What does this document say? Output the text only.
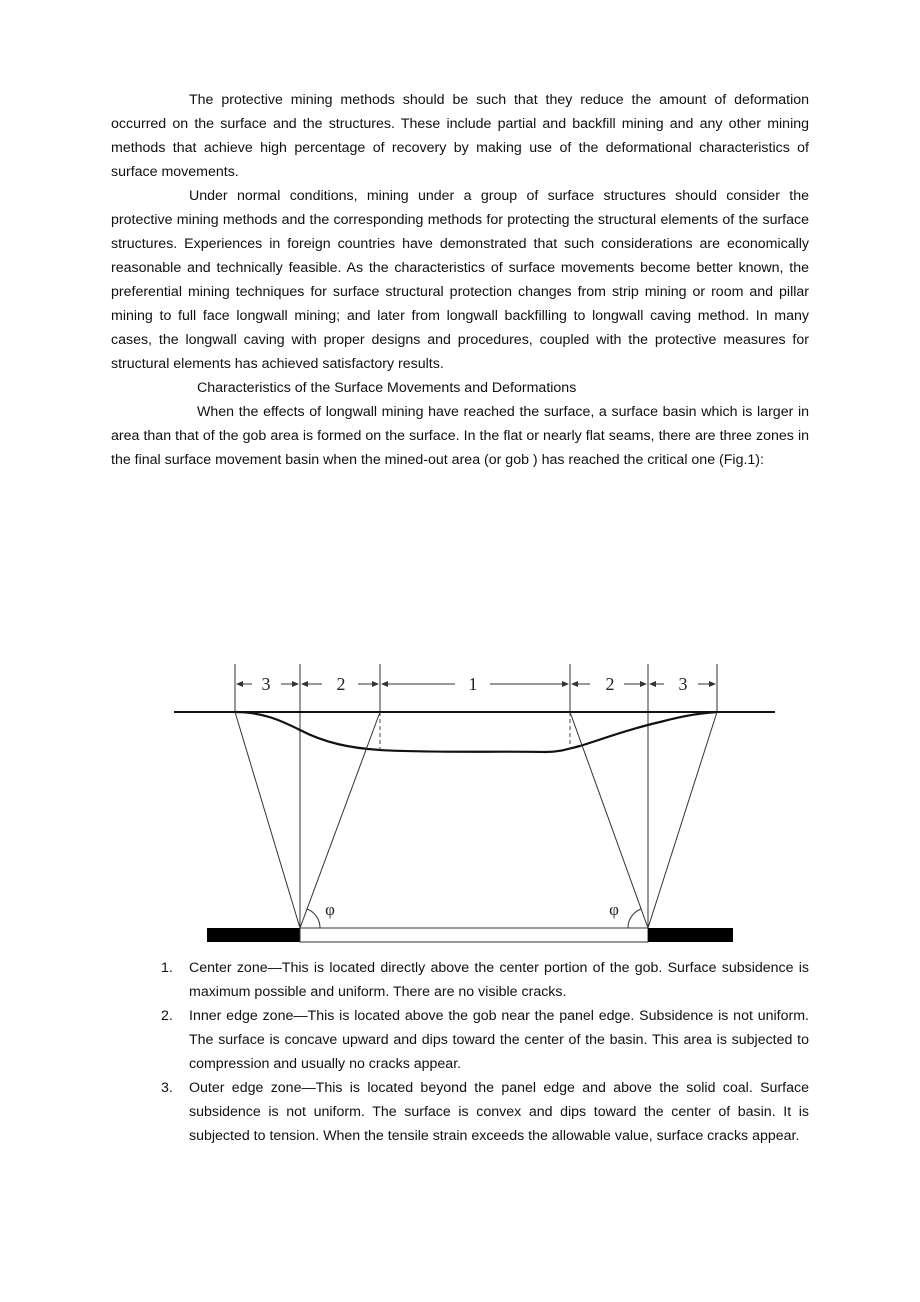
The protective mining methods should be such that they reduce the amount of deformation occurred on the surface and the structures. These include partial and backfill mining and any other mining methods that achieve high percentage of recovery by making use of the deformational characteristics of surface movements.

Under normal conditions, mining under a group of surface structures should consider the protective mining methods and the corresponding methods for protecting the structural elements of the surface structures. Experiences in foreign countries have demonstrated that such considerations are economically reasonable and technically feasible. As the characteristics of surface movements become better known, the preferential mining techniques for surface structural protection changes from strip mining or room and pillar mining to full face longwall mining; and later from longwall backfilling to longwall caving method. In many cases, the longwall caving with proper designs and procedures, coupled with the protective measures for structural elements has achieved satisfactory results.

Characteristics of the Surface Movements and Deformations

When the effects of longwall mining have reached the surface, a surface basin which is larger in area than that of the gob area is formed on the surface. In the flat or nearly flat seams, there are three zones in the final surface movement basin when the mined-out area (or gob ) has reached the critical one (Fig.1):

3	2	1	2	3
φ	φ
1. Center zone—This is located directly above the center portion of the gob. Surface subsidence is maximum possible and uniform. There are no visible cracks.
2. Inner edge zone—This is located above the gob near the panel edge. Subsidence is not uniform. The surface is concave upward and dips toward the center of the basin. This area is subjected to compression and usually no cracks appear.
3. Outer edge zone—This is located beyond the panel edge and above the solid coal. Surface subsidence is not uniform. The surface is convex and dips toward the center of basin. It is subjected to tension. When the tensile strain exceeds the allowable value, surface cracks appear.
